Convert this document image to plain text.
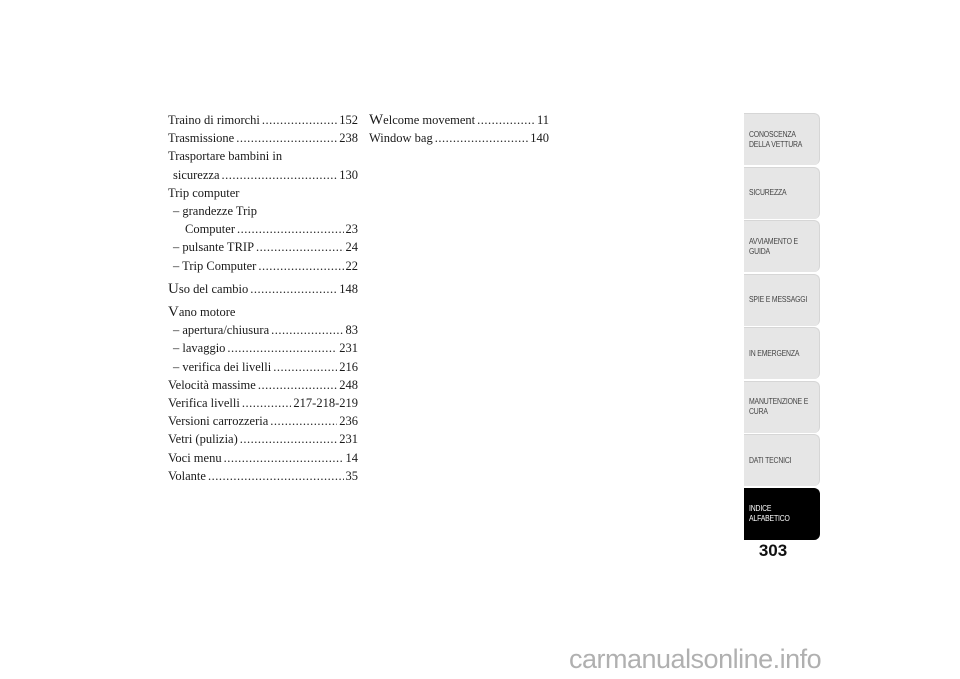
Traino di rimorchi .....	152
Trasmissione .....	238
Trasportare bambini in
sicurezza .....	130
Trip computer
– grandezze Trip
Computer .....	23
– pulsante TRIP .....	24
– Trip Computer .....	22
Uso del cambio .....	148
Vano motore
– apertura/chiusura .....	83
– lavaggio .....	231
– verifica dei livelli .....	216
Velocità massime .....	248
Verifica livelli .....	217-218-219
Versioni carrozzeria .....	236
Vetri (pulizia) .....	231
Voci menu .....	14
Volante .....	35
Welcome movement .....	11
Window bag .....	140	CONOSCENZA
DELLA VETTURA
SICUREZZA
AVVIAMENTO E
GUIDA
SPIE E MESSAGGI
IN EMERGENZA
MANUTENZIONE E
CURA
DATI TECNICI
INDICE
ALFABETICO
303
carmanualsonline.info
